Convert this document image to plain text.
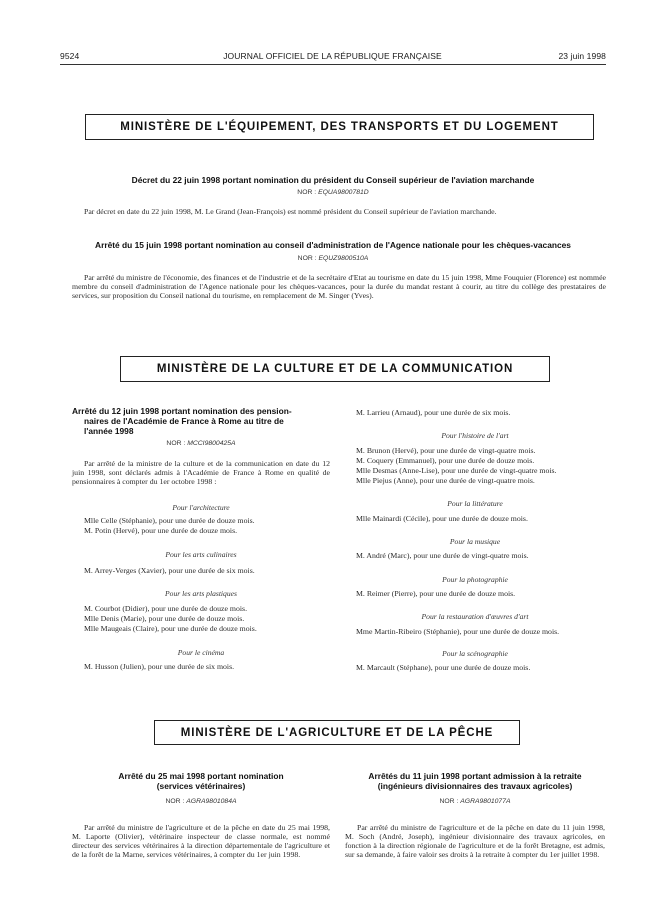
9524	JOURNAL OFFICIEL DE LA RÉPUBLIQUE FRANÇAISE	23 juin 1998
MINISTÈRE DE L'ÉQUIPEMENT, DES TRANSPORTS ET DU LOGEMENT
Décret du 22 juin 1998 portant nomination du président du Conseil supérieur de l'aviation marchande
NOR : EQUA9800781D

Par décret en date du 22 juin 1998, M. Le Grand (Jean-François) est nommé président du Conseil supérieur de l'aviation marchande.

Arrêté du 15 juin 1998 portant nomination au conseil d'administration de l'Agence nationale pour les chèques-vacances
NOR : EQUZ9800510A

Par arrêté du ministre de l'économie, des finances et de l'industrie et de la secrétaire d'Etat au tourisme en date du 15 juin 1998, Mme Fouquier (Florence) est nommée membre du conseil d'administration de l'Agence nationale pour les chèques-vacances, pour la durée du mandat restant à courir, au titre du collège des prestataires de services, sur proposition du Conseil national du tourisme, en remplacement de M. Singer (Yves).

MINISTÈRE DE LA CULTURE ET DE LA COMMUNICATION
Arrêté du 12 juin 1998 portant nomination des pension-
naires de l'Académie de France à Rome au titre de
l'année 1998
NOR : MCCI9800425A

Par arrêté de la ministre de la culture et de la communication en date du 12 juin 1998, sont déclarés admis à l'Académie de France à Rome en qualité de pensionnaires à compter du 1er octobre 1998 :

Pour l'architecture
Mlle Celle (Stéphanie), pour une durée de douze mois.
M. Potin (Hervé), pour une durée de douze mois.
Pour les arts culinaires
M. Arrey-Verges (Xavier), pour une durée de six mois.
Pour les arts plastiques
M. Courbot (Didier), pour une durée de douze mois.
Mlle Denis (Marie), pour une durée de douze mois.
Mlle Maugeais (Claire), pour une durée de douze mois.
Pour le cinéma
M. Husson (Julien), pour une durée de six mois.
M. Larrieu (Arnaud), pour une durée de six mois.
Pour l'histoire de l'art
M. Brunon (Hervé), pour une durée de vingt-quatre mois.
M. Coquery (Emmanuel), pour une durée de douze mois.
Mlle Desmas (Anne-Lise), pour une durée de vingt-quatre mois.
Mlle Piejus (Anne), pour une durée de vingt-quatre mois.
Pour la littérature
Mlle Mainardi (Cécile), pour une durée de douze mois.
Pour la musique
M. André (Marc), pour une durée de vingt-quatre mois.
Pour la photographie
M. Reimer (Pierre), pour une durée de douze mois.
Pour la restauration d'œuvres d'art
Mme Martin-Ribeiro (Stéphanie), pour une durée de douze mois.
Pour la scénographie
M. Marcault (Stéphane), pour une durée de douze mois.
MINISTÈRE DE L'AGRICULTURE ET DE LA PÊCHE
Arrêté du 25 mai 1998 portant nomination
(services vétérinaires)
NOR : AGRA9801084A

Par arrêté du ministre de l'agriculture et de la pêche en date du 25 mai 1998, M. Laporte (Olivier), vétérinaire inspecteur de classe normale, est nommé directeur des services vétérinaires à la direction départementale de l'agriculture et de la forêt de la Marne, services vétérinaires, à compter du 1er juin 1998.

Arrêtés du 11 juin 1998 portant admission à la retraite
(ingénieurs divisionnaires des travaux agricoles)
NOR : AGRA9801077A

Par arrêté du ministre de l'agriculture et de la pêche en date du 11 juin 1998, M. Soch (André, Joseph), ingénieur divisionnaire des travaux agricoles, en fonction à la direction régionale de l'agriculture et de la forêt Bretagne, est admis, sur sa demande, à faire valoir ses droits à la retraite à compter du 1er juillet 1998.
